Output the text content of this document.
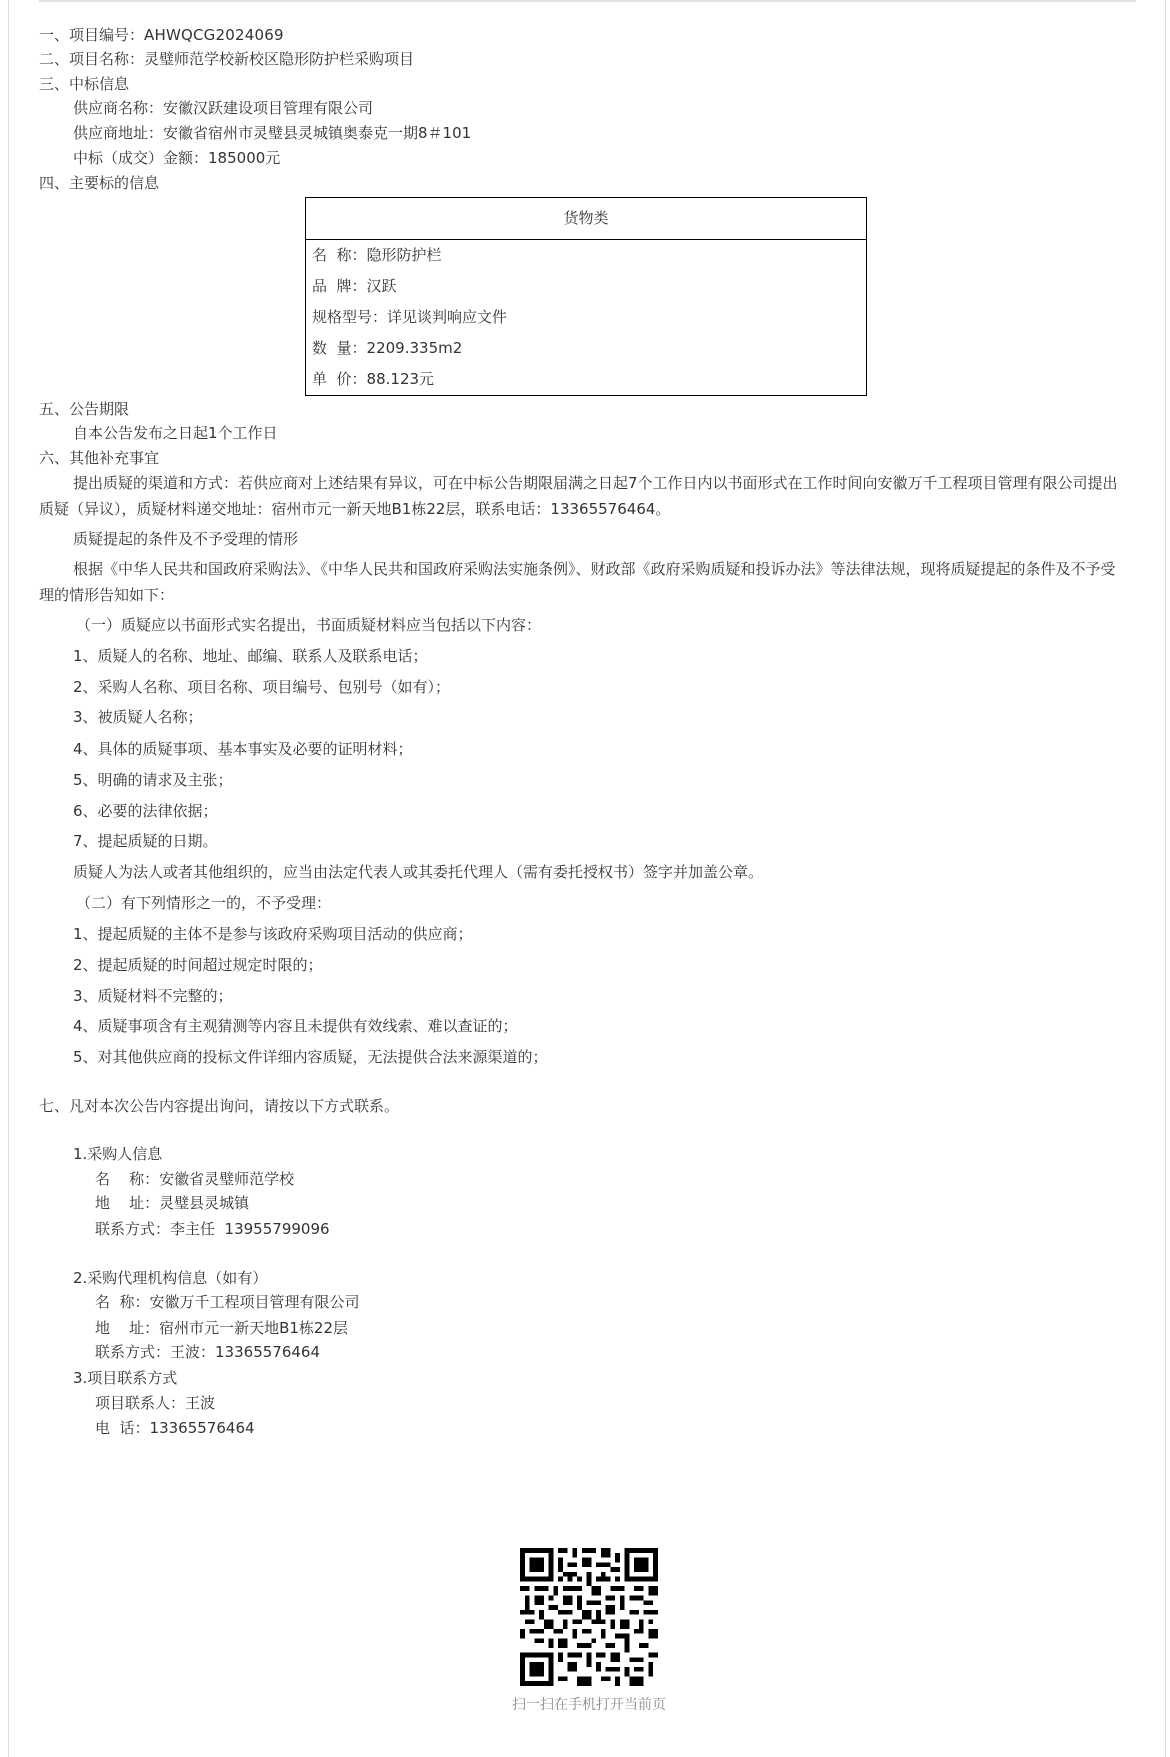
一、项目编号：AHWQCG2024069
二、项目名称：灵璧师范学校新校区隐形防护栏采购项目
三、中标信息
供应商名称：安徽汉跃建设项目管理有限公司
供应商地址：安徽省宿州市灵璧县灵城镇奥泰克一期8＃101
中标（成交）金额：185000元
四、主要标的信息
货物类
名  称：隐形防护栏
品  牌：汉跃
规格型号：详见谈判响应文件
数  量：2209.335m2
单  价：88.123元
五、公告期限
自本公告发布之日起1个工作日
六、其他补充事宜
提出质疑的渠道和方式：若供应商对上述结果有异议，可在中标公告期限届满之日起7个工作日内以书面形式在工作时间向安徽万千工程项目管理有限公司提出质疑（异议），质疑材料递交地址：宿州市元一新天地B1栋22层，联系电话：13365576464。
质疑提起的条件及不予受理的情形
根据《中华人民共和国政府采购法》、《中华人民共和国政府采购法实施条例》、财政部《政府采购质疑和投诉办法》等法律法规，现将质疑提起的条件及不予受理的情形告知如下：
（一）质疑应以书面形式实名提出，书面质疑材料应当包括以下内容：
1、质疑人的名称、地址、邮编、联系人及联系电话；
2、采购人名称、项目名称、项目编号、包别号（如有）；
3、被质疑人名称；
4、具体的质疑事项、基本事实及必要的证明材料；
5、明确的请求及主张；
6、必要的法律依据；
7、提起质疑的日期。
质疑人为法人或者其他组织的，应当由法定代表人或其委托代理人（需有委托授权书）签字并加盖公章。
（二）有下列情形之一的，不予受理：
1、提起质疑的主体不是参与该政府采购项目活动的供应商；
2、提起质疑的时间超过规定时限的；
3、质疑材料不完整的；
4、质疑事项含有主观猜测等内容且未提供有效线索、难以查证的；
5、对其他供应商的投标文件详细内容质疑，无法提供合法来源渠道的；
七、凡对本次公告内容提出询问，请按以下方式联系。
1.采购人信息
名    称：安徽省灵璧师范学校
地    址：灵璧县灵城镇
联系方式：李主任  13955799096
2.采购代理机构信息（如有）
名  称：安徽万千工程项目管理有限公司
地    址：宿州市元一新天地B1栋22层
联系方式：王波：13365576464
3.项目联系方式
项目联系人：王波
电  话：13365576464
扫一扫在手机打开当前页
